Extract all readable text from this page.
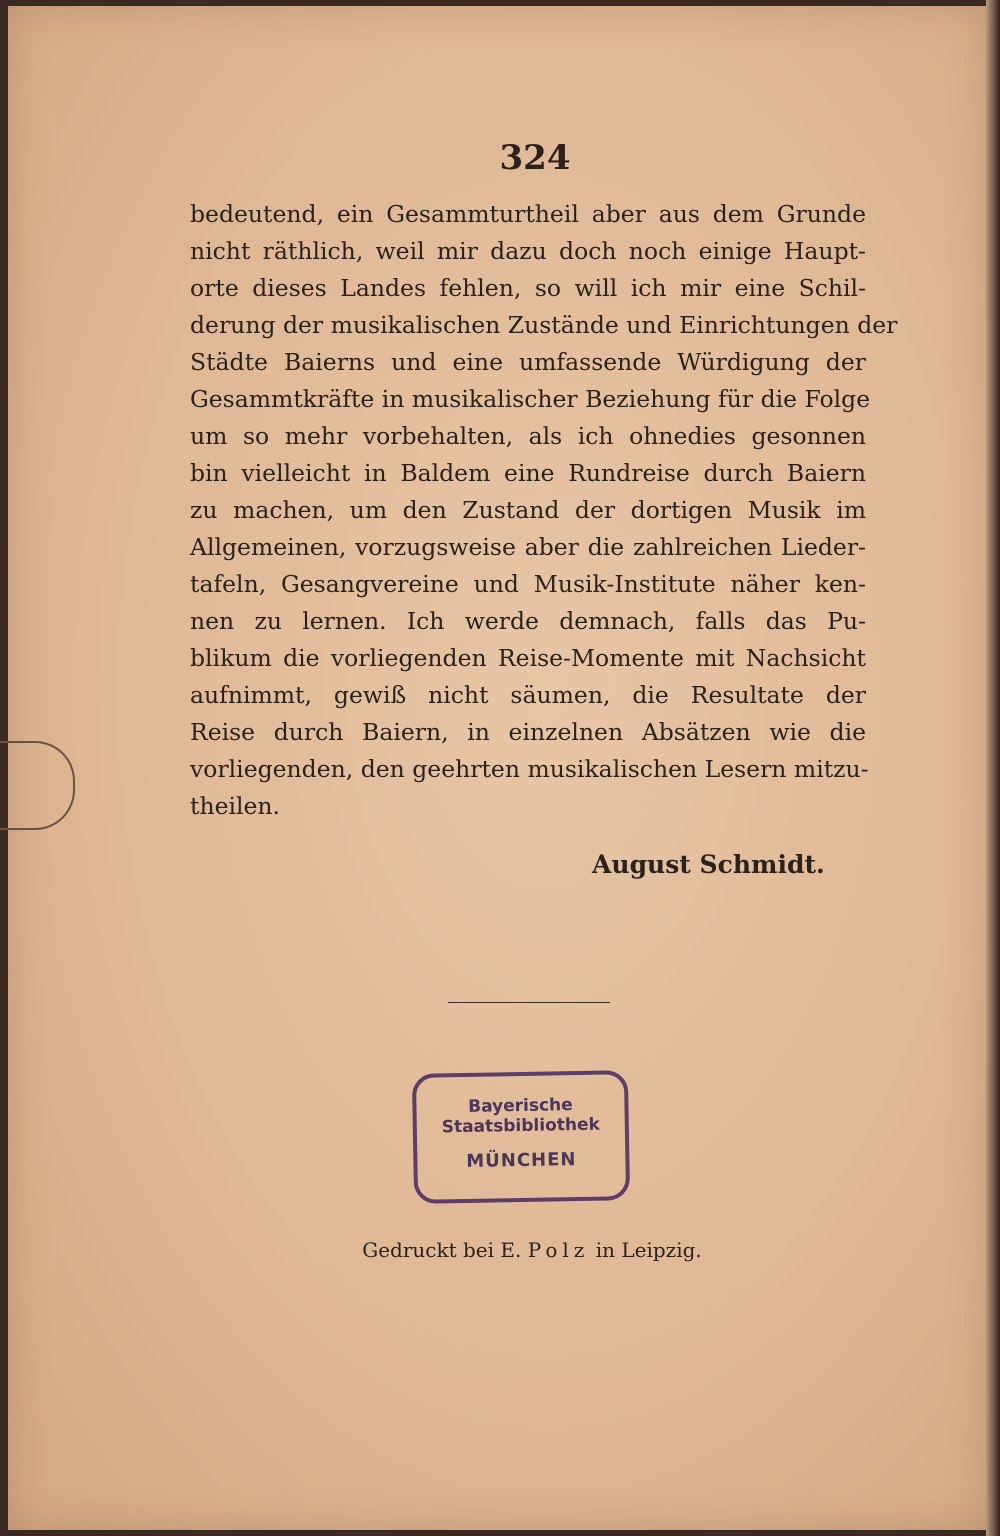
324
bedeutend, ein Gesammturtheil aber aus dem Grunde
nicht räthlich, weil mir dazu doch noch einige Haupt-
orte dieses Landes fehlen, so will ich mir eine Schil-
derung der musikalischen Zustände und Einrichtungen der
Städte Baierns und eine umfassende Würdigung der
Gesammtkräfte in musikalischer Beziehung für die Folge
um so mehr vorbehalten, als ich ohnedies gesonnen
bin vielleicht in Baldem eine Rundreise durch Baiern
zu machen, um den Zustand der dortigen Musik im
Allgemeinen, vorzugsweise aber die zahlreichen Lieder-
tafeln, Gesangvereine und Musik-Institute näher ken-
nen zu lernen. Ich werde demnach, falls das Pu-
blikum die vorliegenden Reise-Momente mit Nachsicht
aufnimmt, gewiß nicht säumen, die Resultate der
Reise durch Baiern, in einzelnen Absätzen wie die
vorliegenden, den geehrten musikalischen Lesern mitzu-
theilen.
August Schmidt.
Bayerische
Staatsbibliothek
MÜNCHEN
Gedruckt bei E. Polz in Leipzig.
